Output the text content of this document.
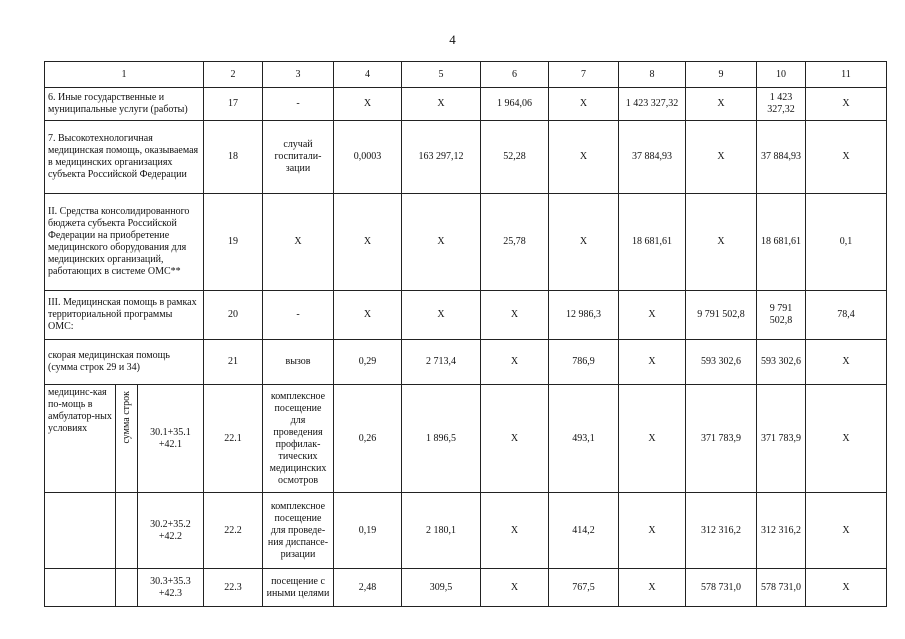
4
1			2	3	4	5	6	7	8	9	10	11
6. Иные государственные и муниципальные услуги (работы)			17	-	Х	Х	1 964,06	Х	1 423 327,32	Х	1 423 327,32	Х
7. Высокотехнологичная медицинская помощь, оказываемая в медицинских организациях субъекта Российской Федерации			18	случай госпитали-зации	0,0003	163 297,12	52,28	Х	37 884,93	Х	37 884,93	Х
II. Средства консолидированного бюджета субъекта Российской Федерации на приобретение медицинского оборудования для медицинских организаций, работающих в системе ОМС**			19	Х	Х	Х	25,78	Х	18 681,61	Х	18 681,61	0,1
III. Медицинская помощь в рамках территориальной программы ОМС:			20	-	Х	Х	Х	12 986,3	Х	9 791 502,8	9 791 502,8	78,4
скорая медицинская помощь (сумма строк 29 и 34)			21	вызов	0,29	2 713,4	Х	786,9	Х	593 302,6	593 302,6	Х
медицинс-кая по-мощь в амбулатор-ных условиях	сумма строк	30.1+35.1 +42.1	22.1	комплексное посещение для проведения профилак-тических медицинских осмотров	0,26	1 896,5	Х	493,1	Х	371 783,9	371 783,9	Х
		30.2+35.2 +42.2	22.2	комплексное посещение для проведе-ния диспансе-ризации	0,19	2 180,1	Х	414,2	Х	312 316,2	312 316,2	Х
		30.3+35.3 +42.3	22.3	посещение с иными целями	2,48	309,5	Х	767,5	Х	578 731,0	578 731,0	Х
